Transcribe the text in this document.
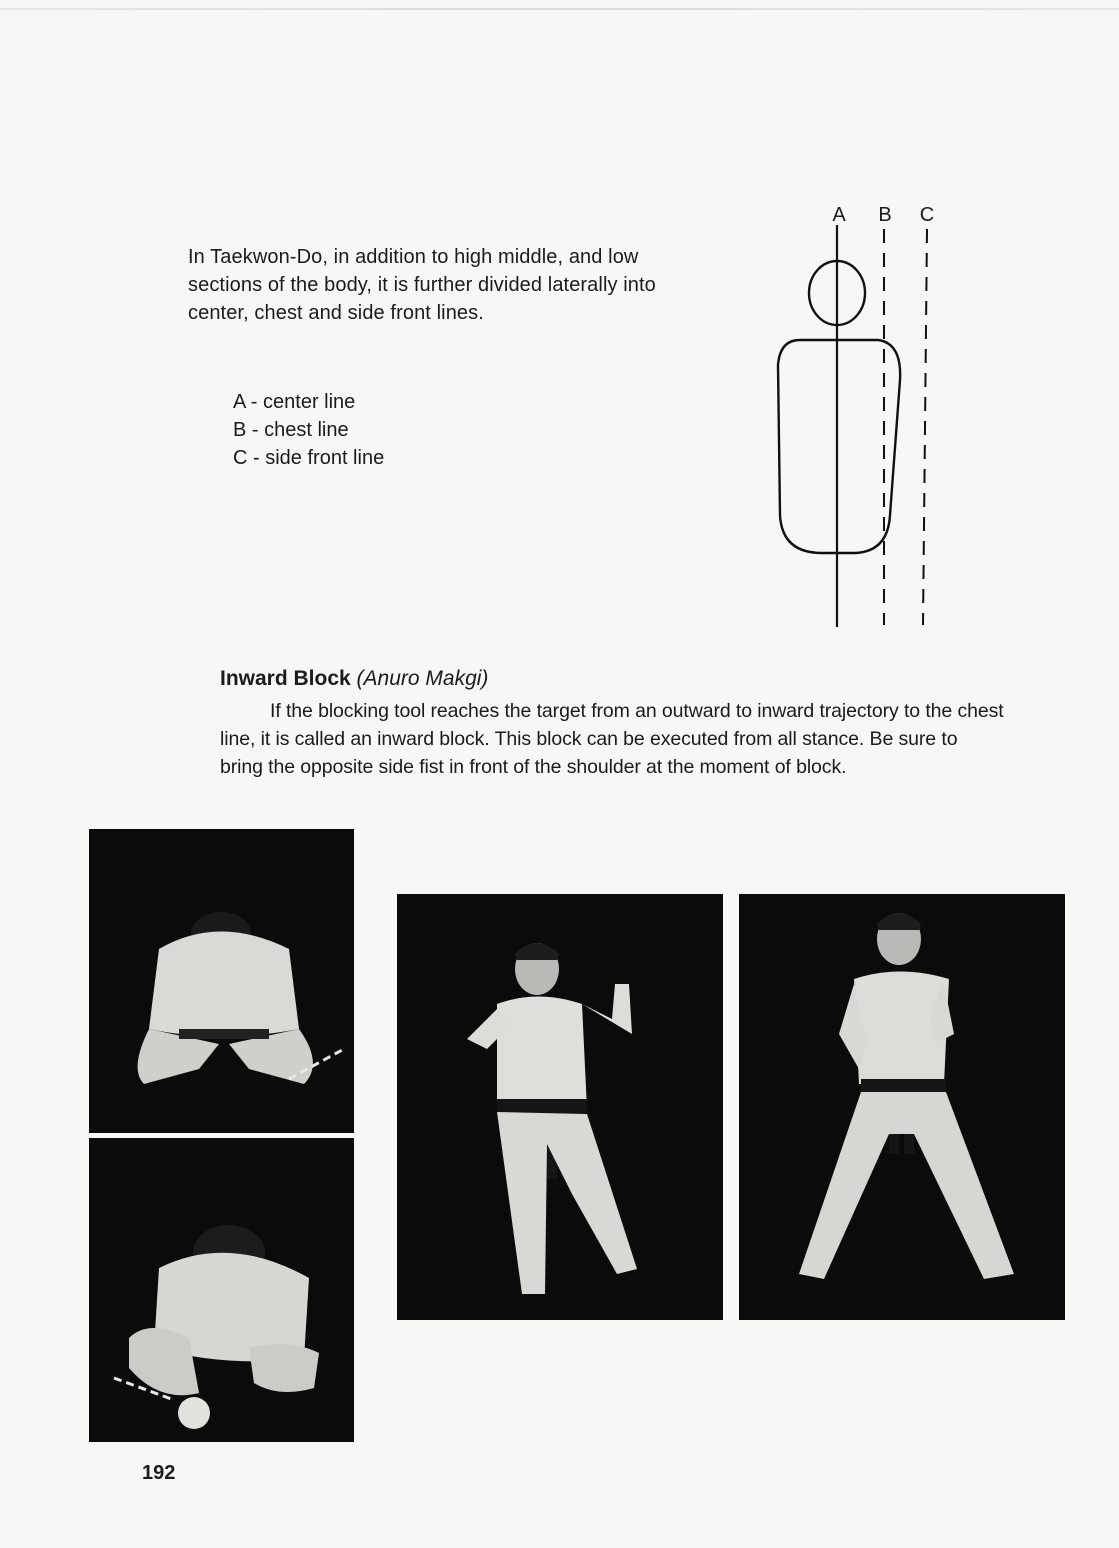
In Taekwon-Do, in addition to high middle, and low sections of the body, it is further divided laterally into center, chest and side front lines.

A - center line
B - chest line
C - side front line
A B C
Inward Block (Anuro Makgi)
If the blocking tool reaches the target from an outward to inward trajectory to the chest line, it is called an inward block. This block can be executed from all stance. Be sure to bring the opposite side fist in front of the shoulder at the moment of block.
192
